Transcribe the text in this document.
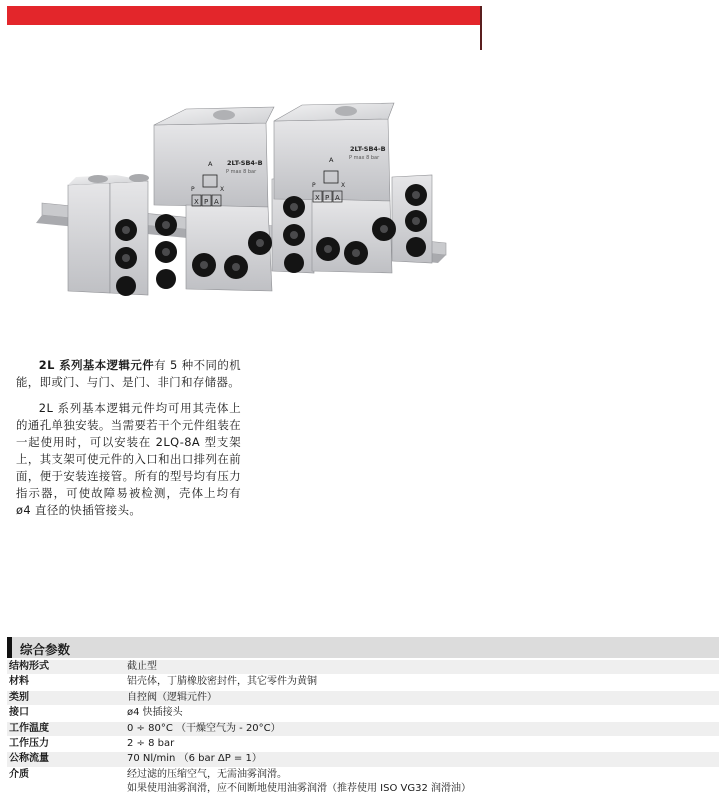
A
P	X
X P A
2LT-SB4-B
P max 8 bar
A
P	X
X P A
2LT-SB4-B
P max 8 bar

2L 系列基本逻辑元件有 5 种不同的机能，即或门、与门、是门、非门和存储器。

2L 系列基本逻辑元件均可用其壳体上的通孔单独安装。当需要若干个元件组装在一起使用时，可以安装在 2LQ-8A 型支架上，其支架可使元件的入口和出口排列在前面，便于安装连接管。所有的型号均有压力指示器，可使故障易被检测，壳体上均有 ø4 直径的快插管接头。

综合参数
结构形式	截止型
材料	铝壳体，丁腈橡胶密封件，其它零件为黄铜
类别	自控阀（逻辑元件）
接口	ø4 快插接头
工作温度	0 ÷ 80°C （干燥空气为 - 20°C）
工作压力	2 ÷ 8 bar
公称流量	70 Nl/min （6 bar ΔP = 1）
介质	经过滤的压缩空气，无需油雾润滑。
如果使用油雾润滑，应不间断地使用油雾润滑（推荐使用 ISO VG32 润滑油）
